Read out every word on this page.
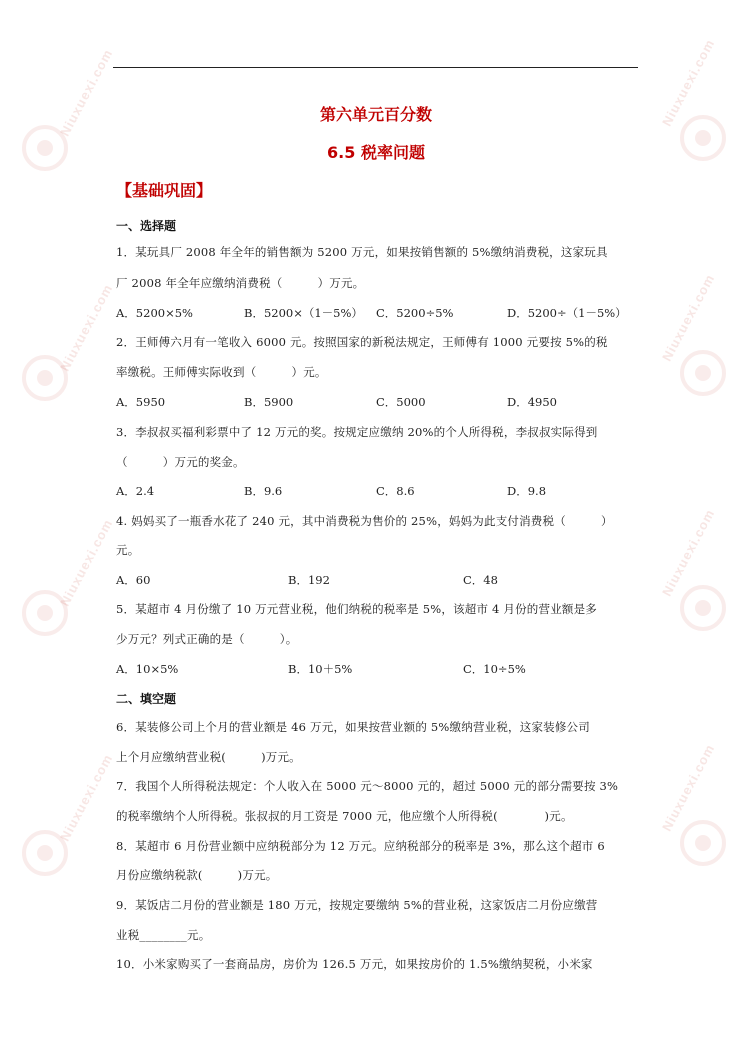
Niuxuexi.com
Niuxuexi.com
Niuxuexi.com
Niuxuexi.com
Niuxuexi.com
Niuxuexi.com
Niuxuexi.com
Niuxuexi.com
第六单元百分数
6.5 税率问题
【基础巩固】
一、选择题
1．某玩具厂 2008 年全年的销售额为 5200 万元，如果按销售额的 5%缴纳消费税，这家玩具
厂 2008 年全年应缴纳消费税（　　　）万元。
A．5200×5%	B．5200×（1－5%） C．5200÷5%	D．5200÷（1－5%）
2．王师傅六月有一笔收入 6000 元。按照国家的新税法规定，王师傅有 1000 元要按 5%的税
率缴税。王师傅实际收到（　　　）元。
A．5950	B．5900	C．5000	D．4950
3．李叔叔买福利彩票中了 12 万元的奖。按规定应缴纳 20%的个人所得税，李叔叔实际得到
（　　　）万元的奖金。
A．2.4	B．9.6	C．8.6	D．9.8
4. 妈妈买了一瓶香水花了 240 元，其中消费税为售价的 25%，妈妈为此支付消费税（　　　）
元。
A．60	B．192	C．48
5．某超市 4 月份缴了 10 万元营业税，他们纳税的税率是 5%，该超市 4 月份的营业额是多
少万元？列式正确的是（　　　）。
A．10×5%	B．10＋5%	C．10÷5%
二、填空题
6．某装修公司上个月的营业额是 46 万元，如果按营业额的 5%缴纳营业税，这家装修公司
上个月应缴纳营业税(　　　)万元。
7．我国个人所得税法规定：个人收入在 5000 元～8000 元的，超过 5000 元的部分需要按 3%
的税率缴纳个人所得税。张叔叔的月工资是 7000 元，他应缴个人所得税(　　　　)元。
8．某超市 6 月份营业额中应纳税部分为 12 万元。应纳税部分的税率是 3%，那么这个超市 6
月份应缴纳税款(　　　)万元。
9．某饭店二月份的营业额是 180 万元，按规定要缴纳 5%的营业税，这家饭店二月份应缴营
业税________元。
10．小米家购买了一套商品房，房价为 126.5 万元，如果按房价的 1.5%缴纳契税，小米家
